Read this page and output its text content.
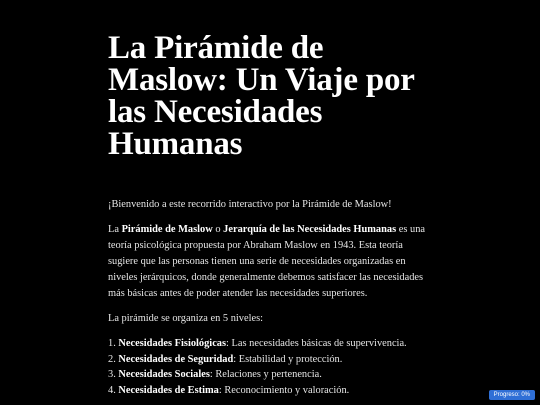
La Pirámide de Maslow: Un Viaje por las Necesidades Humanas

¡Bienvenido a este recorrido interactivo por la Pirámide de Maslow!

La Pirámide de Maslow o Jerarquía de las Necesidades Humanas es una teoría psicológica propuesta por Abraham Maslow en 1943. Esta teoría sugiere que las personas tienen una serie de necesidades organizadas en niveles jerárquicos, donde generalmente debemos satisfacer las necesidades más básicas antes de poder atender las necesidades superiores.

La pirámide se organiza en 5 niveles:

1. Necesidades Fisiológicas: Las necesidades básicas de supervivencia.
2. Necesidades de Seguridad: Estabilidad y protección.
3. Necesidades Sociales: Relaciones y pertenencia.
4. Necesidades de Estima: Reconocimiento y valoración.	Progreso: 0%
